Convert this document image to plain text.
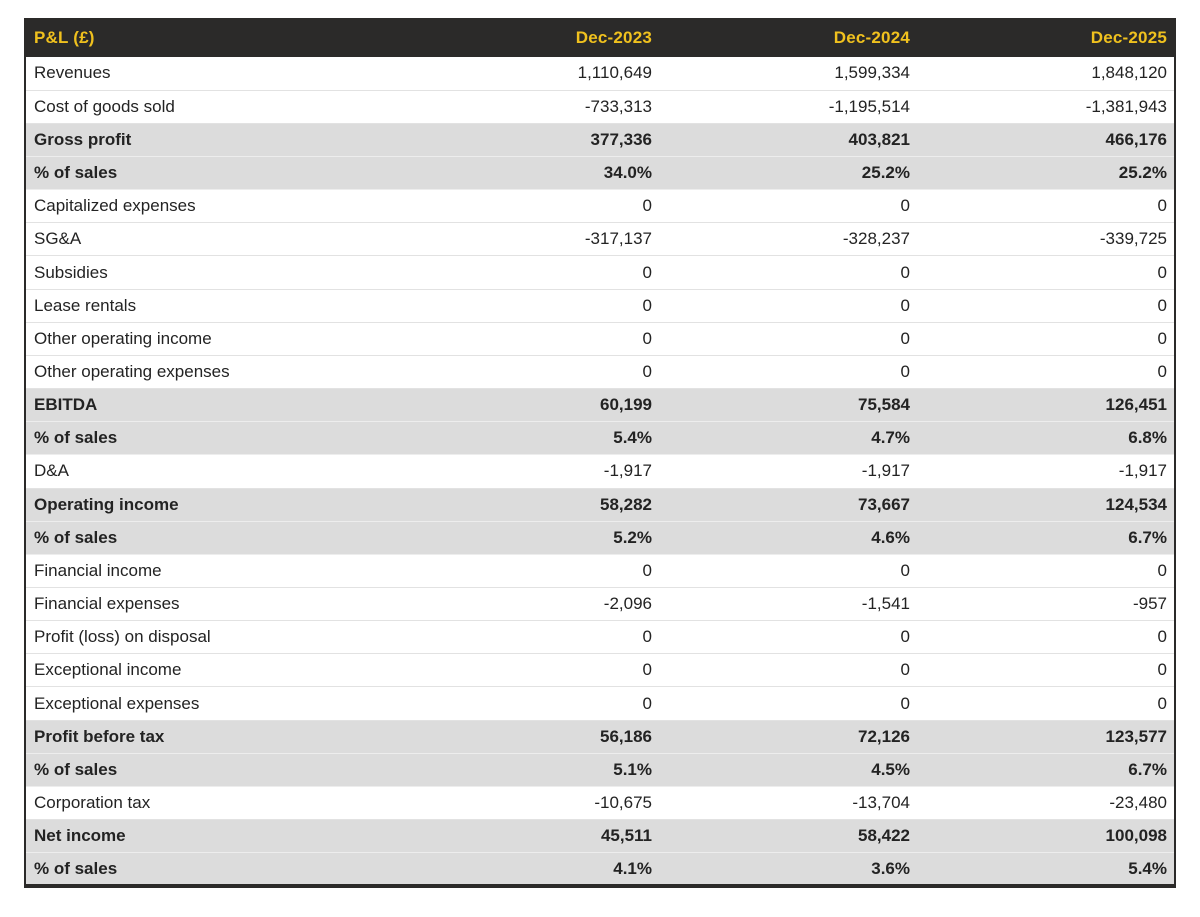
P&L (£)	Dec-2023	Dec-2024	Dec-2025
Revenues	1,110,649	1,599,334	1,848,120
Cost of goods sold	-733,313	-1,195,514	-1,381,943
Gross profit	377,336	403,821	466,176
% of sales	34.0%	25.2%	25.2%
Capitalized expenses	0	0	0
SG&A	-317,137	-328,237	-339,725
Subsidies	0	0	0
Lease rentals	0	0	0
Other operating income	0	0	0
Other operating expenses	0	0	0
EBITDA	60,199	75,584	126,451
% of sales	5.4%	4.7%	6.8%
D&A	-1,917	-1,917	-1,917
Operating income	58,282	73,667	124,534
% of sales	5.2%	4.6%	6.7%
Financial income	0	0	0
Financial expenses	-2,096	-1,541	-957
Profit (loss) on disposal	0	0	0
Exceptional income	0	0	0
Exceptional expenses	0	0	0
Profit before tax	56,186	72,126	123,577
% of sales	5.1%	4.5%	6.7%
Corporation tax	-10,675	-13,704	-23,480
Net income	45,511	58,422	100,098
% of sales	4.1%	3.6%	5.4%
